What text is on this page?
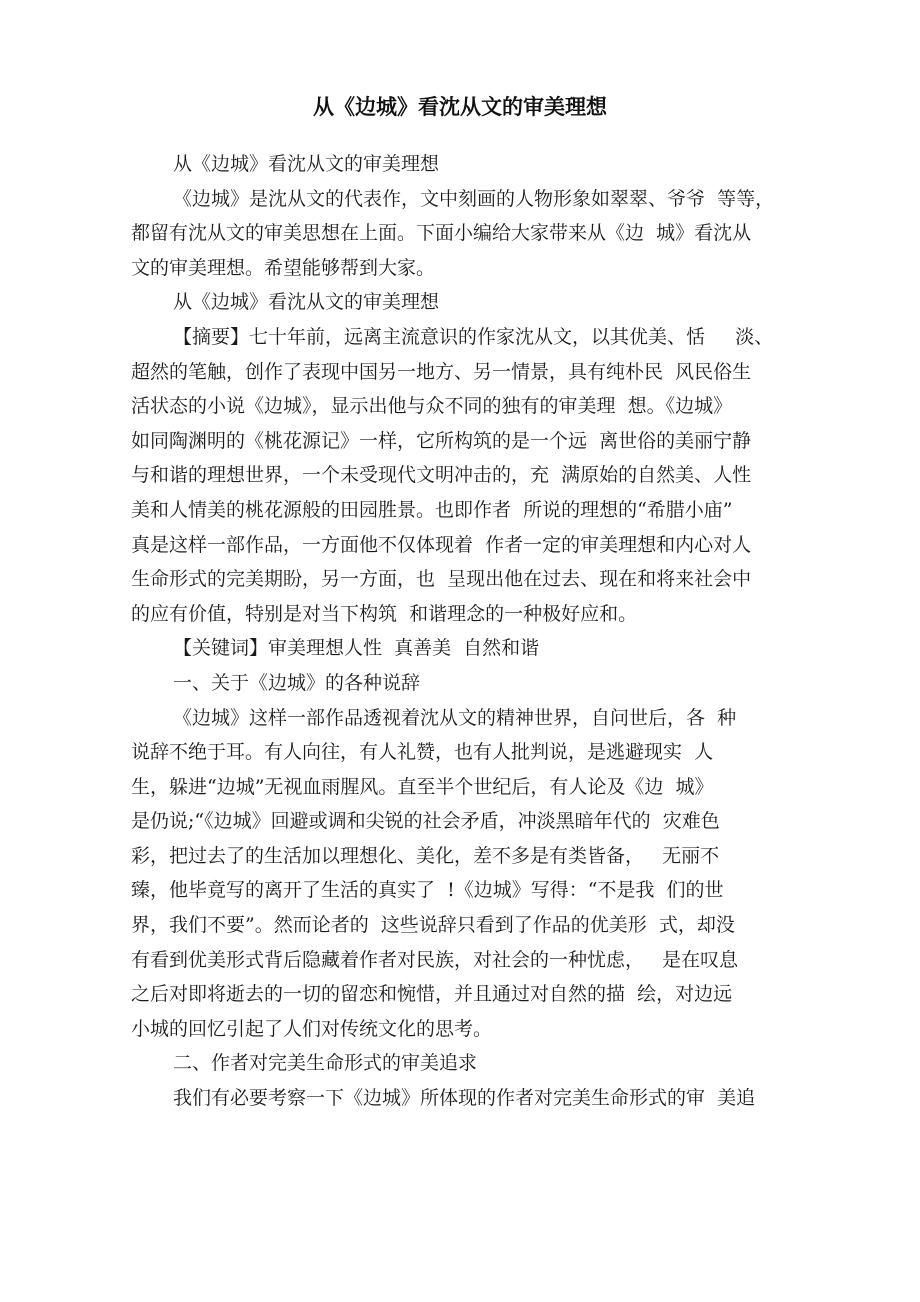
从《边城》看沈从文的审美理想
从《边城》看沈从文的审美理想
《边城》是沈从文的代表作，文中刻画的人物形象如翠翠、爷爷  等等，
都留有沈从文的审美思想在上面。下面小编给大家带来从《边  城》看沈从
文的审美理想。希望能够帮到大家。
从《边城》看沈从文的审美理想
【摘要】七十年前，远离主流意识的作家沈从文，以其优美、恬     淡、
超然的笔触，创作了表现中国另一地方、另一情景，具有纯朴民  风民俗生
活状态的小说《边城》，显示出他与众不同的独有的审美理  想。《边城》
如同陶渊明的《桃花源记》一样，它所构筑的是一个远  离世俗的美丽宁静
与和谐的理想世界，一个未受现代文明冲击的，充  满原始的自然美、人性
美和人情美的桃花源般的田园胜景。也即作者  所说的理想的“希腊小庙”
真是这样一部作品，一方面他不仅体现着  作者一定的审美理想和内心对人
生命形式的完美期盼，另一方面，也  呈现出他在过去、现在和将来社会中
的应有价值，特别是对当下构筑  和谐理念的一种极好应和。
【关键词】审美理想人性  真善美  自然和谐
一、关于《边城》的各种说辞
《边城》这样一部作品透视着沈从文的精神世界，自问世后，各  种
说辞不绝于耳。有人向往，有人礼赞，也有人批判说，是逃避现实  人
生，躲进“边城”无视血雨腥风。直至半个世纪后，有人论及《边  城》
是仍说;“《边城》回避或调和尖锐的社会矛盾，冲淡黑暗年代的  灾难色
彩，把过去了的生活加以理想化、美化，差不多是有类皆备，   无丽不
臻，他毕竟写的离开了生活的真实了  !《边城》写得：“不是我  们的世
界，我们不要”。然而论者的  这些说辞只看到了作品的优美形  式，却没
有看到优美形式背后隐藏着作者对民族，对社会的一种忧虑，   是在叹息
之后对即将逝去的一切的留恋和惋惜，并且通过对自然的描  绘，对边远
小城的回忆引起了人们对传统文化的思考。
二、作者对完美生命形式的审美追求
我们有必要考察一下《边城》所体现的作者对完美生命形式的审  美追
